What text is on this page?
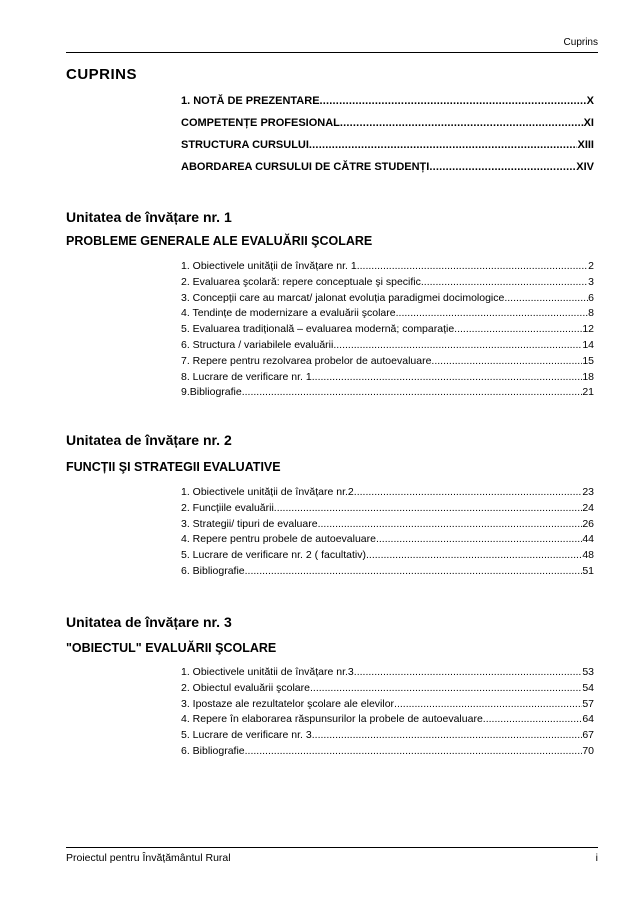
Cuprins
CUPRINS
1. NOTĂ DE PREZENTARE .....	X
COMPETENȚE PROFESIONAL .....	XI
STRUCTURA CURSULUI .....	XIII
ABORDAREA CURSULUI DE CĂTRE STUDENȚI .....	XIV
Unitatea de învățare nr. 1
PROBLEME GENERALE ALE EVALUĂRII ŞCOLARE
1. Obiectivele unității de învățare nr. 1 .....	2
2. Evaluarea şcolară: repere conceptuale şi specific .....	3
3. Concepții care au marcat/ jalonat evoluția paradigmei docimologice .....	6
4. Tendințe de modernizare a evaluării şcolare .....	8
5. Evaluarea tradițională – evaluarea modernă; comparație .....	12
6. Structura / variabilele evaluării .....	14
7. Repere pentru rezolvarea probelor de autoevaluare .....	15
8. Lucrare de verificare nr. 1 .....	18
9.Bibliografie .....	21
Unitatea de învățare nr. 2
FUNCȚII ŞI STRATEGII EVALUATIVE
1. Obiectivele unității de învățare nr.2 .....	23
2. Funcțiile evaluării .....	24
3. Strategii/ tipuri de evaluare .....	26
4. Repere pentru probele de autoevaluare. .....	44
5. Lucrare de verificare nr. 2 ( facultativ) .....	48
6. Bibliografie .....	51
Unitatea de învățare nr. 3
"OBIECTUL" EVALUĂRII ŞCOLARE
1. Obiectivele unitătii de învățare nr.3 .....	53
2. Obiectul evaluării şcolare .....	54
3. Ipostaze ale rezultatelor şcolare ale elevilor .....	57
4. Repere în elaborarea răspunsurilor la probele de autoevaluare .....	64
5. Lucrare de verificare nr. 3 .....	67
6. Bibliografie .....	70
Proiectul pentru Învățământul Rural	i
